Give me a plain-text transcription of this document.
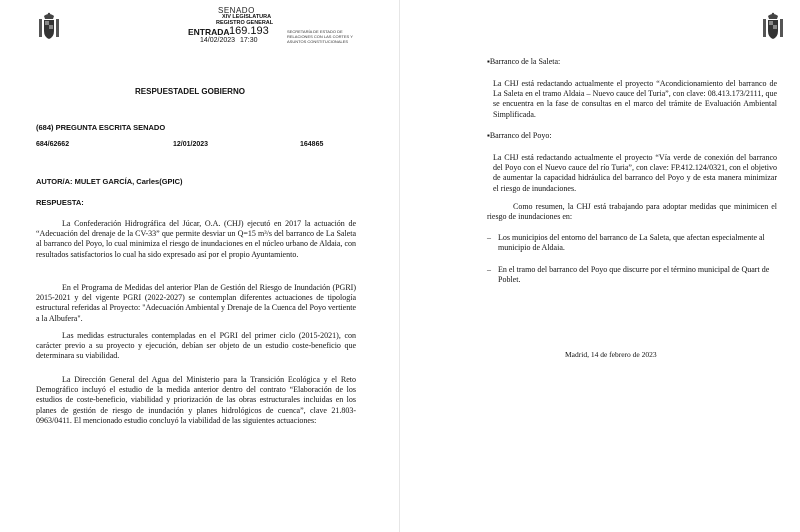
SENADO
XIV LEGISLATURA
REGISTRO GENERAL
ENTRADA 169.193
14/02/2023 17:30
SECRETARÍA DE ESTADO DE RELACIONES CON LAS CORTES Y ASUNTOS CONSTITUCIONALES
RESPUESTADEL GOBIERNO
(684) PREGUNTA ESCRITA SENADO
684/62662	12/01/2023	164865
AUTOR/A: MULET GARCÍA, Carles(GPIC)
RESPUESTA:
La Confederación Hidrográfica del Júcar, O.A. (CHJ) ejecutó en 2017 la actuación de “Adecuación del drenaje de la CV-33” que permite desviar un Q=15 m³/s del barranco de La Saleta al barranco del Poyo, lo cual minimiza el riesgo de inundaciones en el núcleo urbano de Aldaia, con resultados satisfactorios lo cual ha sido expresado así por el propio Ayuntamiento.
En el Programa de Medidas del anterior Plan de Gestión del Riesgo de Inundación (PGRI) 2015-2021 y del vigente PGRI (2022-2027) se contemplan diferentes actuaciones de tipología estructural referidas al Proyecto: "Adecuación Ambiental y Drenaje de la Cuenca del Poyo vertiente a la Albufera".
Las medidas estructurales contempladas en el PGRI del primer ciclo (2015-2021), con carácter previo a su proyecto y ejecución, debían ser objeto de un estudio coste-beneficio que determinara su viabilidad.
La Dirección General del Agua del Ministerio para la Transición Ecológica y el Reto Demográfico incluyó el estudio de la medida anterior dentro del contrato “Elaboración de los estudios de coste-beneficio, viabilidad y priorización de las obras estructurales incluidas en los planes de gestión de riesgo de inundación y planes hidrológicos de cuenca”, clave 21.803-0963/0411. El mencionado estudio concluyó la viabilidad de las siguientes actuaciones:
▪Barranco de la Saleta:
La CHJ está redactando actualmente el proyecto “Acondicionamiento del barranco de La Saleta en el tramo Aldaia – Nuevo cauce del Turia”, con clave: 08.413.173/2111, que se encuentra en la fase de consultas en el marco del trámite de Evaluación Ambiental Simplificada.
▪Barranco del Poyo:
La CHJ está redactando actualmente el proyecto “Vía verde de conexión del barranco del Poyo con el Nuevo cauce del río Turia”, con clave: FP.412.124/0321, con el objetivo de aumentar la capacidad hidráulica del barranco del Poyo y de esta manera minimizar el riesgo de inundaciones.
Como resumen, la CHJ está trabajando para adoptar medidas que minimicen el riesgo de inundaciones en:
– Los municipios del entorno del barranco de La Saleta, que afectan especialmente al municipio de Aldaia.
– En el tramo del barranco del Poyo que discurre por el término municipal de Quart de Poblet.
Madrid, 14 de febrero de 2023
